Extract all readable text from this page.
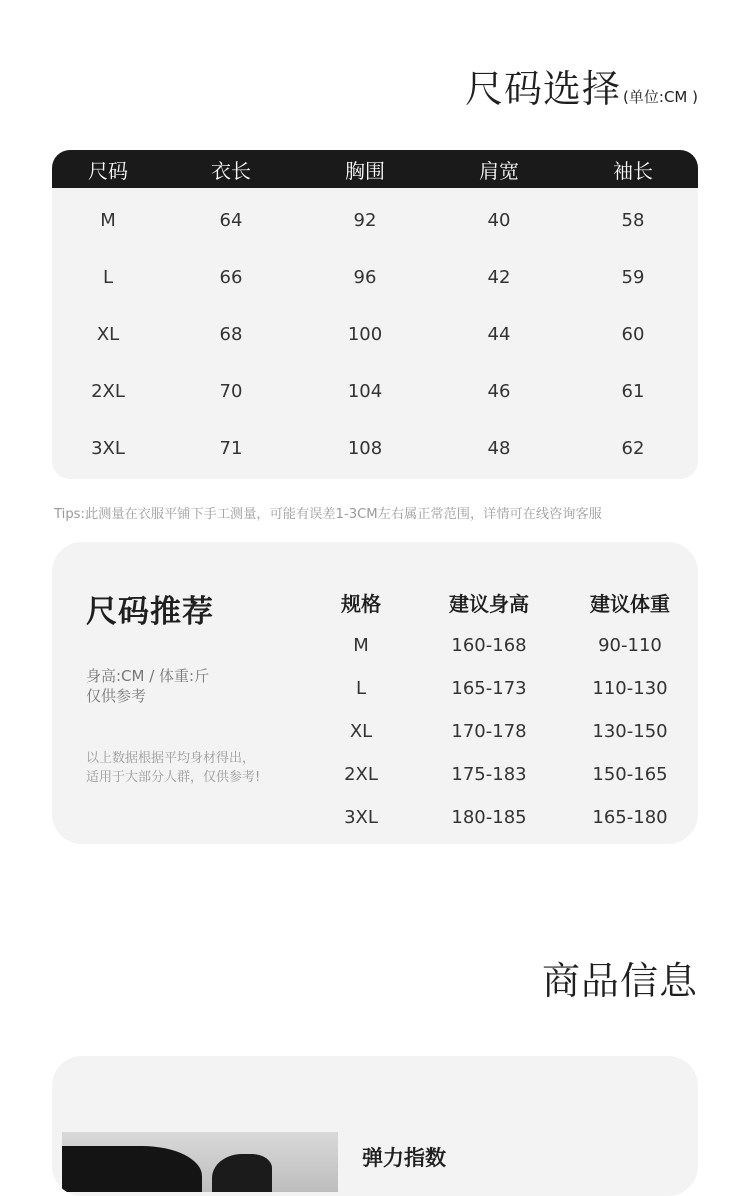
尺码选择 (单位:CM )
尺码	衣长	胸围	肩宽	袖长
M	64	92	40	58
L	66	96	42	59
XL	68	100	44	60
2XL	70	104	46	61
3XL	71	108	48	62
Tips:此测量在衣服平铺下手工测量，可能有误差1-3CM左右属正常范围，详情可在线咨询客服
尺码推荐
身高:CM / 体重:斤
仅供参考
以上数据根据平均身材得出，
适用于大部分人群，仅供参考!
规格	建议身高	建议体重
M	160-168	90-110
L	165-173	110-130
XL	170-178	130-150
2XL	175-183	150-165
3XL	180-185	165-180
商品信息
弹力指数
